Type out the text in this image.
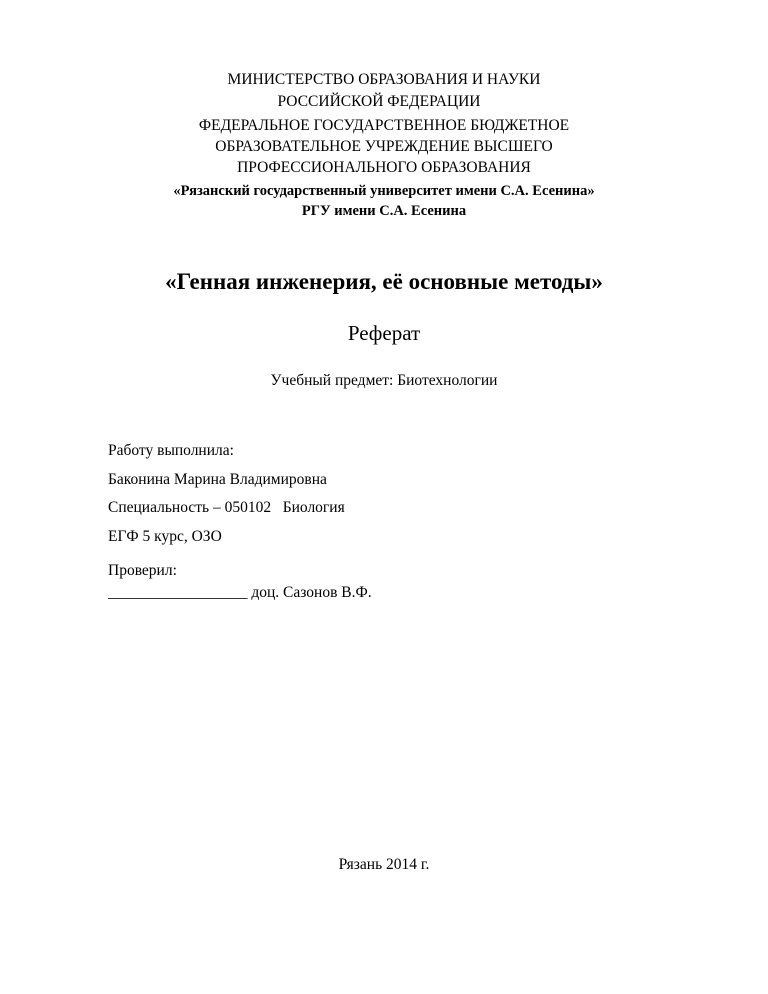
МИНИСТЕРСТВО ОБРАЗОВАНИЯ И НАУКИ
РОССИЙСКОЙ ФЕДЕРАЦИИ
ФЕДЕРАЛЬНОЕ ГОСУДАРСТВЕННОЕ БЮДЖЕТНОЕ
ОБРАЗОВАТЕЛЬНОЕ УЧРЕЖДЕНИЕ ВЫСШЕГО
ПРОФЕССИОНАЛЬНОГО ОБРАЗОВАНИЯ
«Рязанский государственный университет имени С.А. Есенина»
РГУ имени С.А. Есенина
«Генная инженерия, её основные методы»
Реферат
Учебный предмет: Биотехнологии
Работу выполнила:
Баконина Марина Владимировна
Специальность – 050102   Биология
ЕГФ 5 курс, ОЗО
Проверил:
__________________ доц. Сазонов В.Ф.
Рязань 2014 г.
